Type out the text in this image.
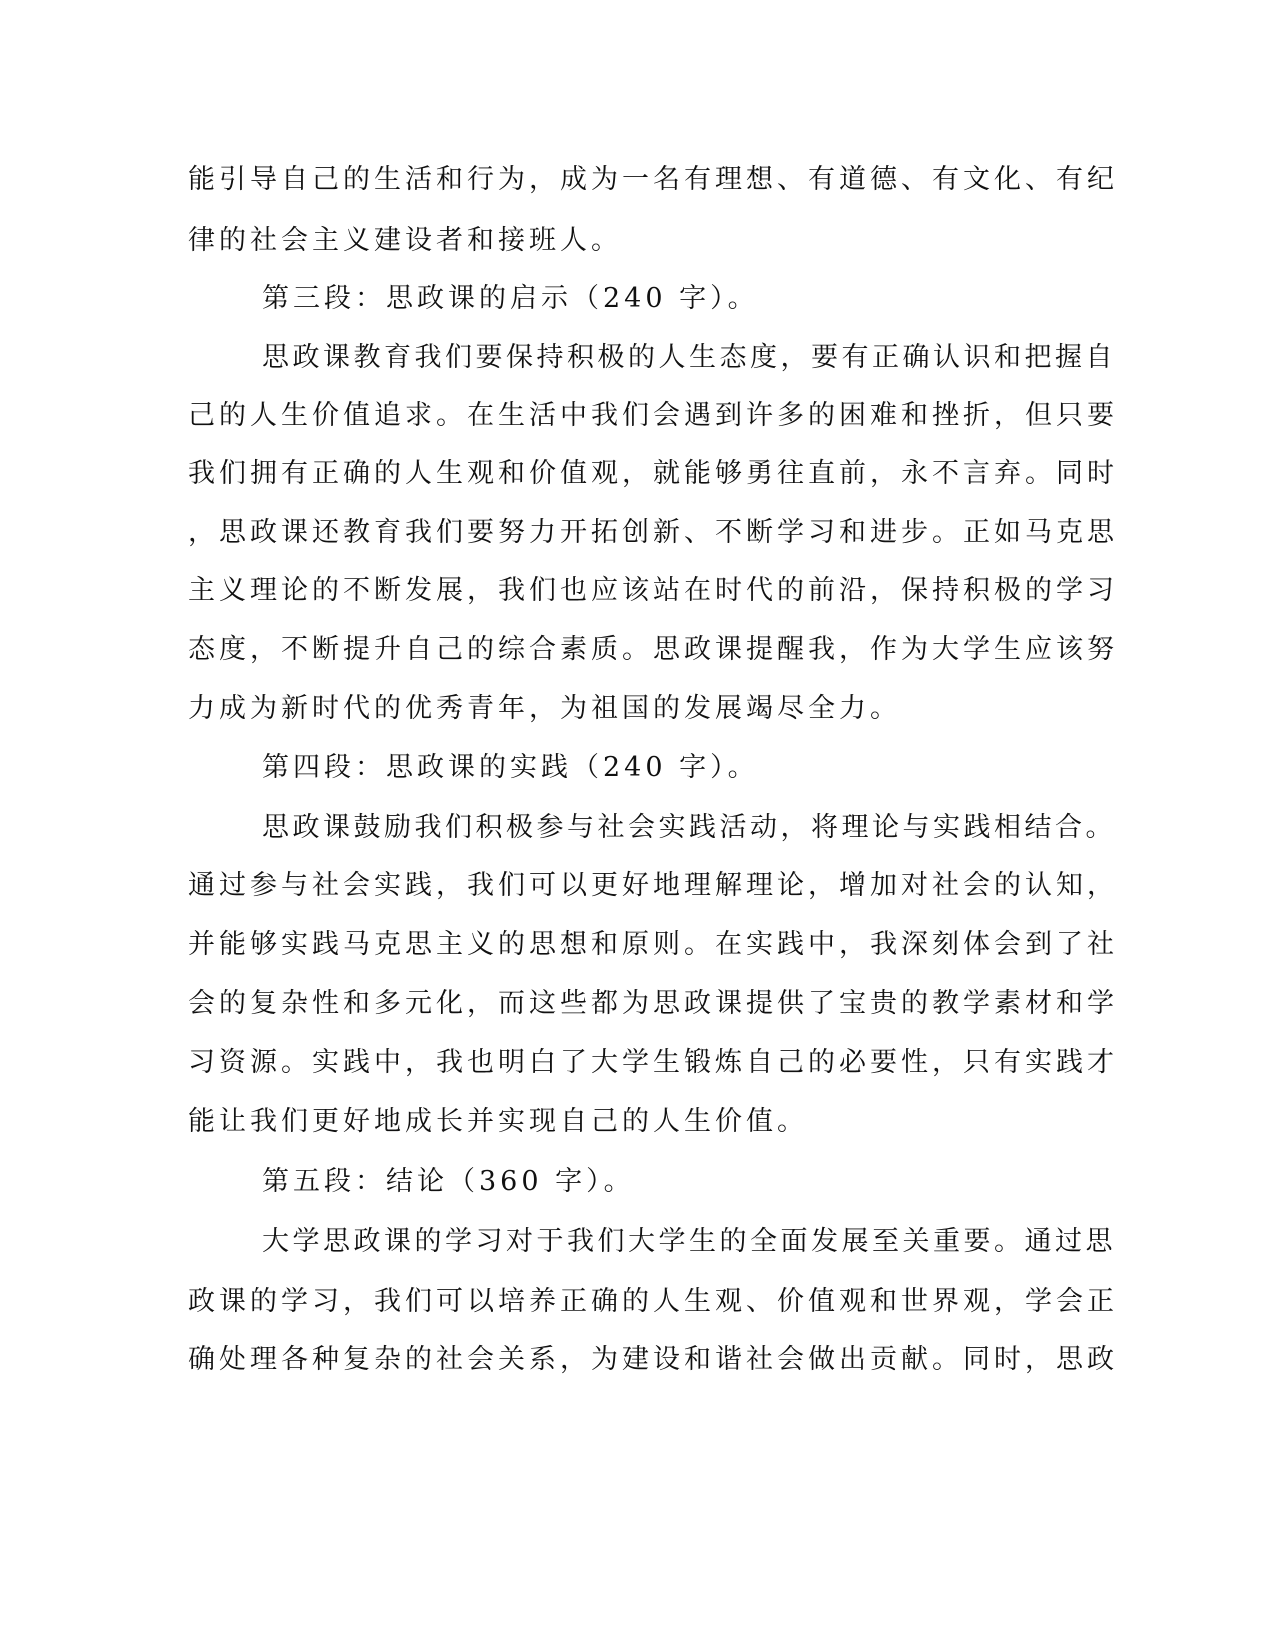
能引导自己的生活和行为，成为一名有理想、有道德、有文化、有纪
律的社会主义建设者和接班人。
第三段：思政课的启示（240 字）。
思政课教育我们要保持积极的人生态度，要有正确认识和把握自
己的人生价值追求。在生活中我们会遇到许多的困难和挫折，但只要
我们拥有正确的人生观和价值观，就能够勇往直前，永不言弃。同时
，思政课还教育我们要努力开拓创新、不断学习和进步。正如马克思
主义理论的不断发展，我们也应该站在时代的前沿，保持积极的学习
态度，不断提升自己的综合素质。思政课提醒我，作为大学生应该努
力成为新时代的优秀青年，为祖国的发展竭尽全力。
第四段：思政课的实践（240 字）。
思政课鼓励我们积极参与社会实践活动，将理论与实践相结合。
通过参与社会实践，我们可以更好地理解理论，增加对社会的认知，
并能够实践马克思主义的思想和原则。在实践中，我深刻体会到了社
会的复杂性和多元化，而这些都为思政课提供了宝贵的教学素材和学
习资源。实践中，我也明白了大学生锻炼自己的必要性，只有实践才
能让我们更好地成长并实现自己的人生价值。
第五段：结论（360 字）。
大学思政课的学习对于我们大学生的全面发展至关重要。通过思
政课的学习，我们可以培养正确的人生观、价值观和世界观，学会正
确处理各种复杂的社会关系，为建设和谐社会做出贡献。同时，思政
